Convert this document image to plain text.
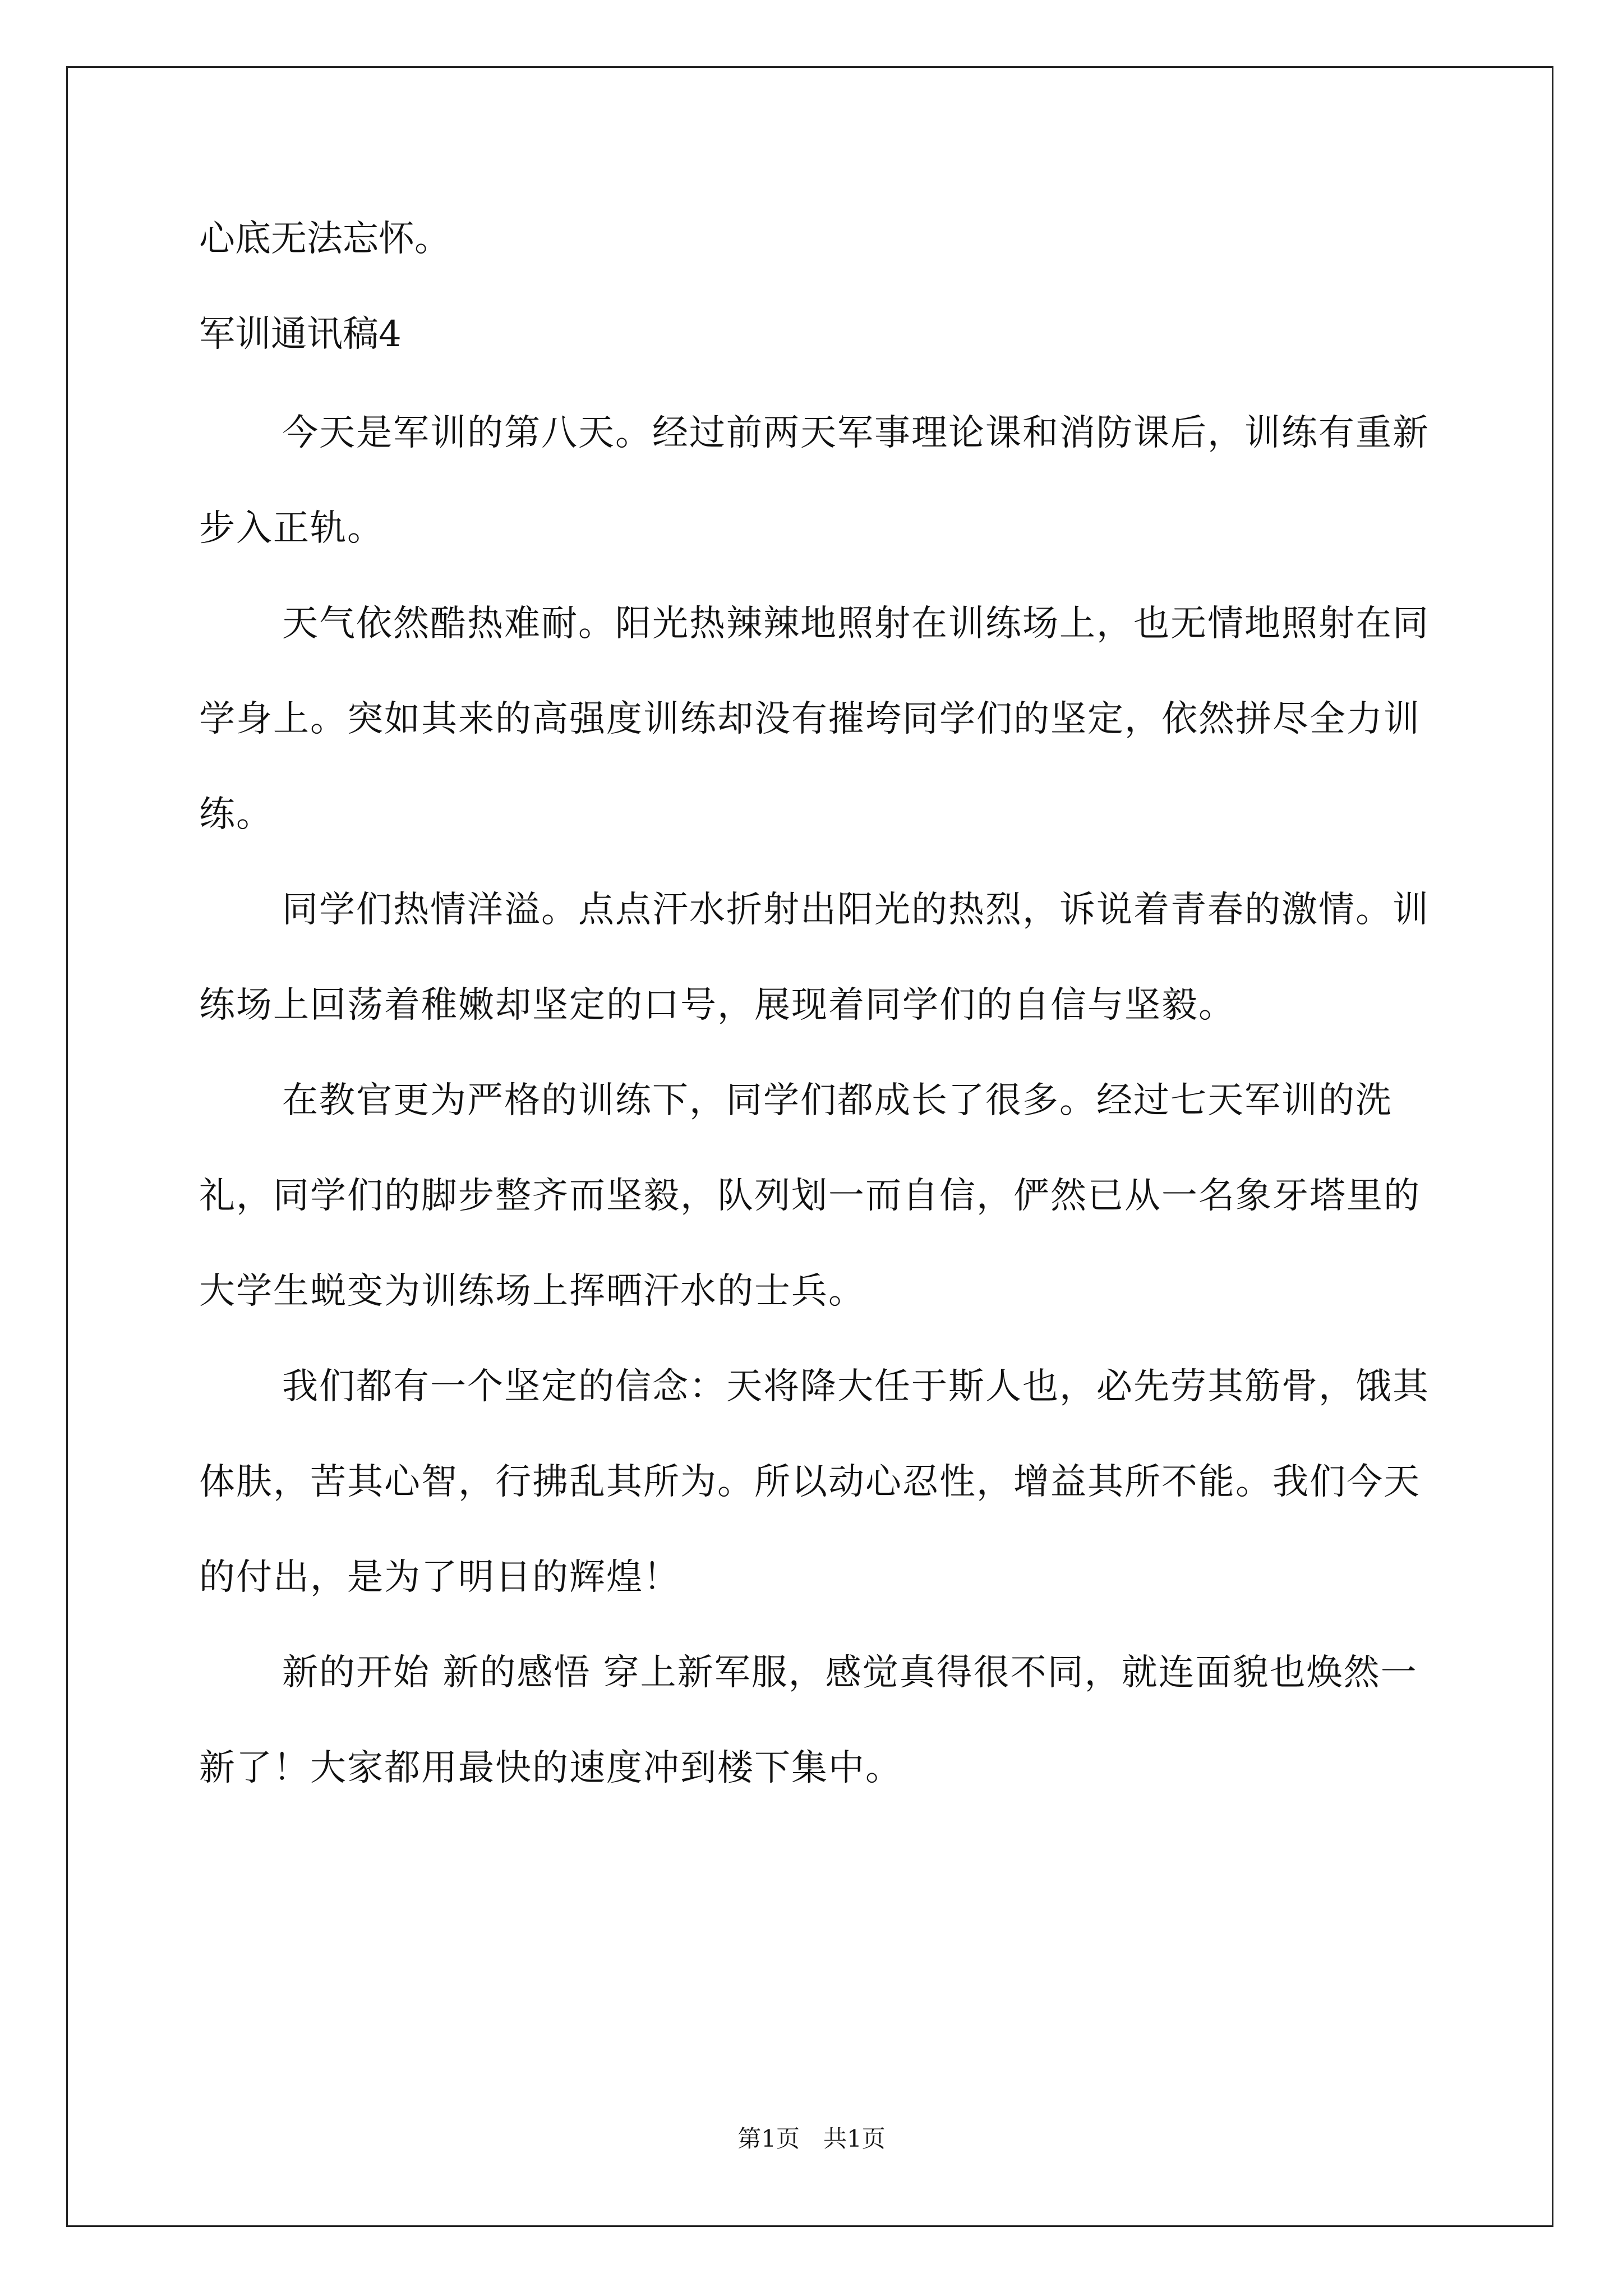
心底无法忘怀。

军训通讯稿4

今天是军训的第八天。经过前两天军事理论课和消防课后，训练有重新步入正轨。

天气依然酷热难耐。阳光热辣辣地照射在训练场上，也无情地照射在同学身上。突如其来的高强度训练却没有摧垮同学们的坚定，依然拼尽全力训练。

同学们热情洋溢。点点汗水折射出阳光的热烈，诉说着青春的激情。训练场上回荡着稚嫩却坚定的口号，展现着同学们的自信与坚毅。

在教官更为严格的训练下，同学们都成长了很多。经过七天军训的洗礼，同学们的脚步整齐而坚毅，队列划一而自信，俨然已从一名象牙塔里的大学生蜕变为训练场上挥晒汗水的士兵。

我们都有一个坚定的信念：天将降大任于斯人也，必先劳其筋骨，饿其体肤，苦其心智，行拂乱其所为。所以动心忍性，增益其所不能。我们今天的付出，是为了明日的辉煌！

新的开始 新的感悟 穿上新军服，感觉真得很不同，就连面貌也焕然一新了！大家都用最快的速度冲到楼下集中。

第1页　共1页
